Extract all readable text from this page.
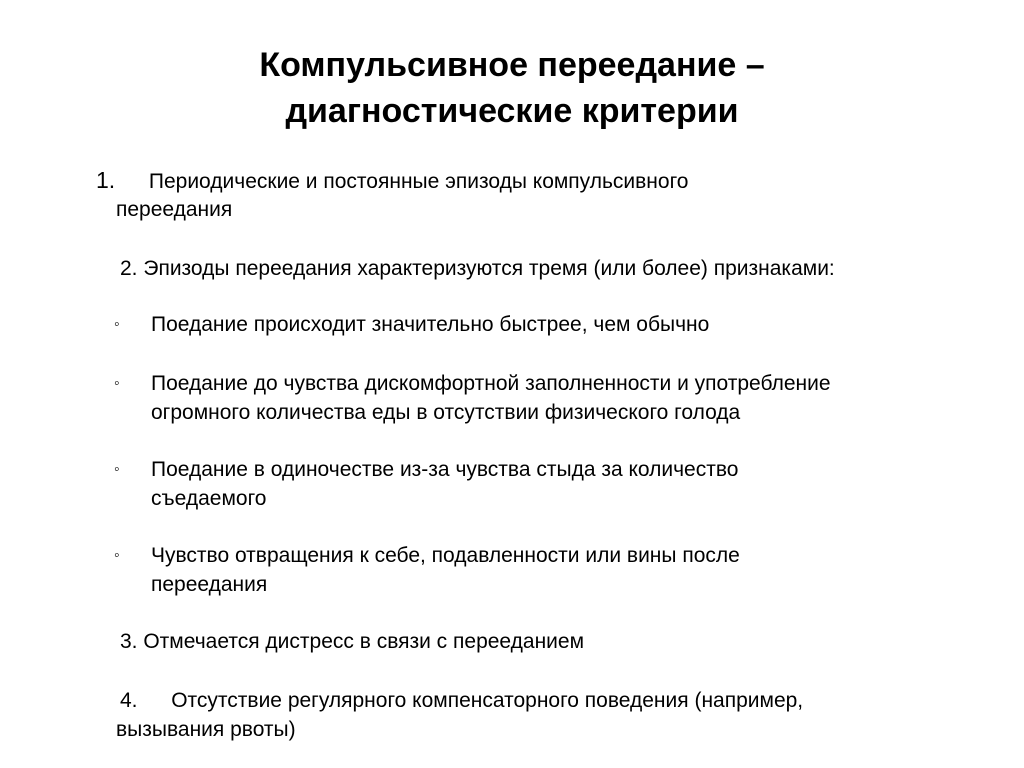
Компульсивное переедание –
диагностические критерии
1. Периодические и постоянные эпизоды компульсивного
переедания
2. Эпизоды переедания характеризуются тремя (или более) признаками:
◦ Поедание происходит значительно быстрее, чем обычно
◦ Поедание до чувства дискомфортной заполненности и употребление
огромного количества еды в отсутствии физического голода
◦ Поедание в одиночестве из-за чувства стыда за количество
съедаемого
◦ Чувство отвращения к себе, подавленности или вины после
переедания
3. Отмечается дистресс в связи с перееданием
4. Отсутствие регулярного компенсаторного поведения (например,
вызывания рвоты)
